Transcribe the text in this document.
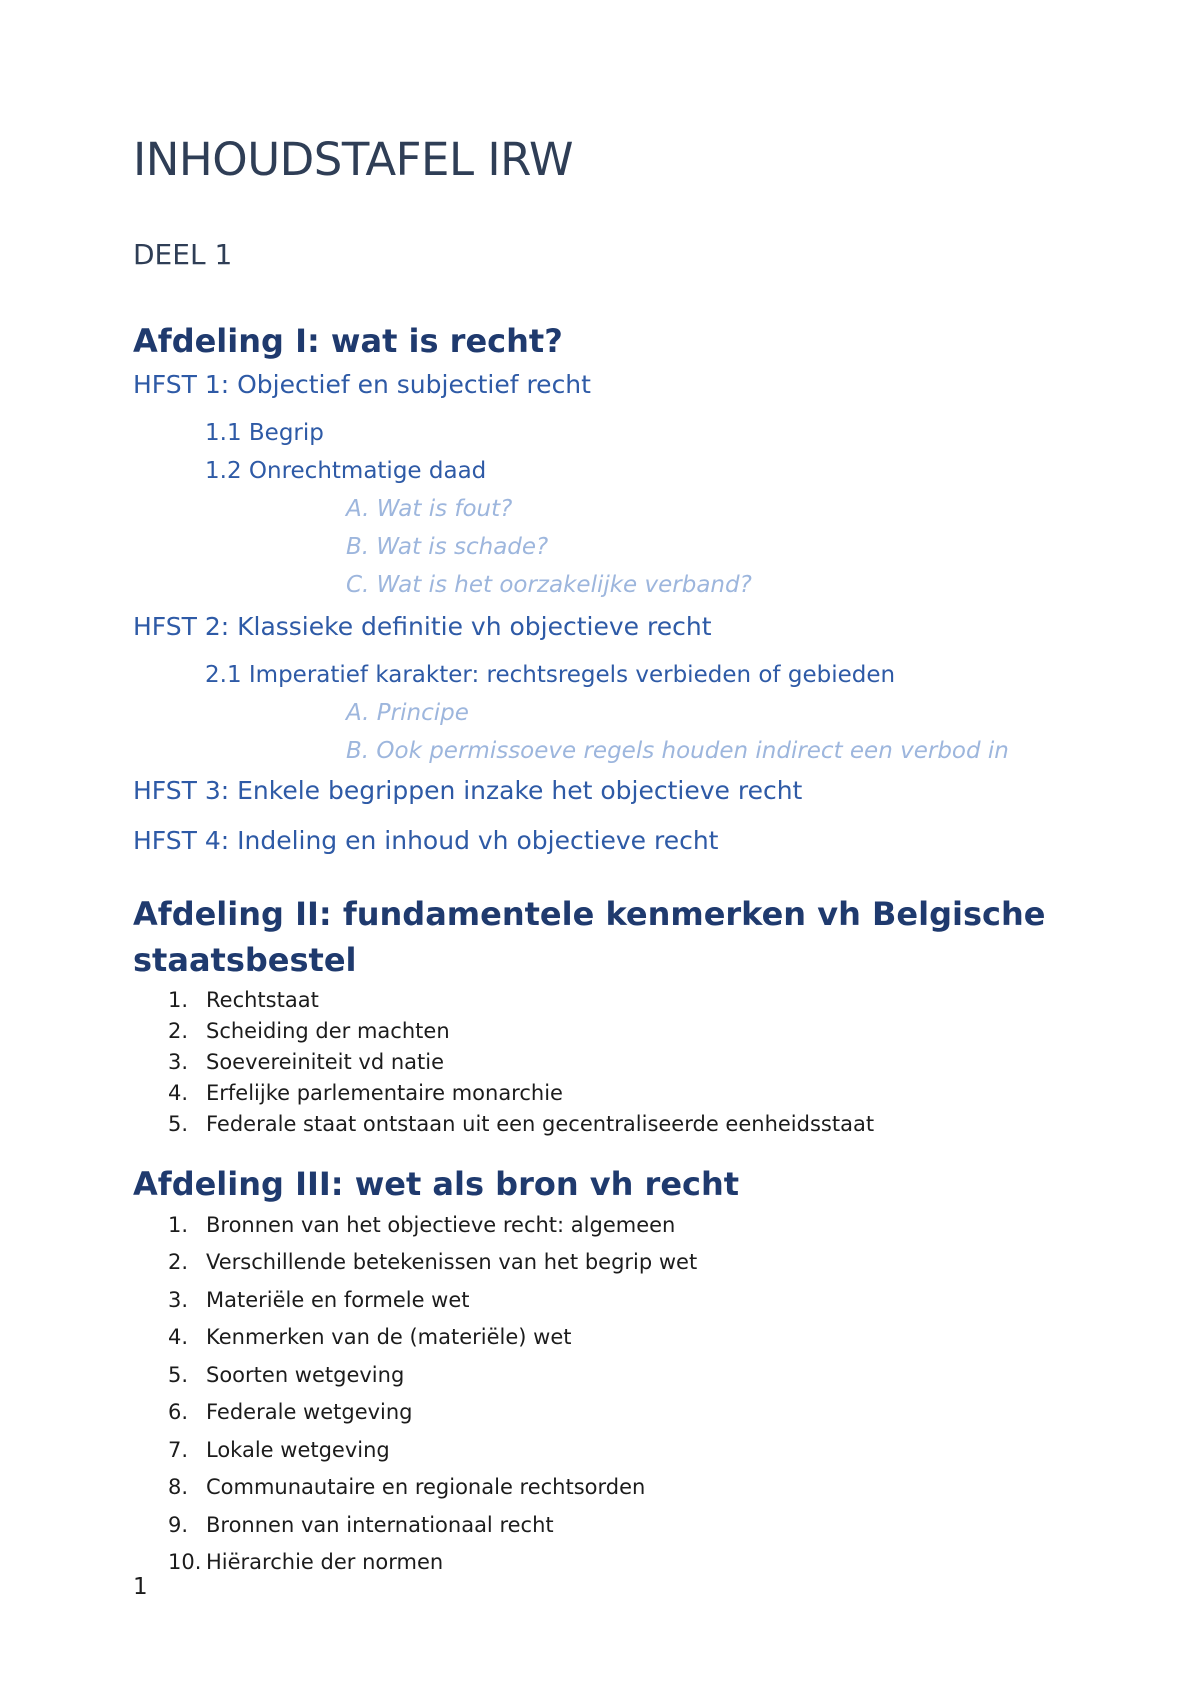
INHOUDSTAFEL IRW
DEEL 1
Afdeling I: wat is recht?
HFST 1: Objectief en subjectief recht
1.1 Begrip
1.2 Onrechtmatige daad
A. Wat is fout?
B. Wat is schade?
C. Wat is het oorzakelijke verband?
HFST 2: Klassieke definitie vh objectieve recht
2.1 Imperatief karakter: rechtsregels verbieden of gebieden
A. Principe
B. Ook permissoeve regels houden indirect een verbod in
HFST 3: Enkele begrippen inzake het objectieve recht
HFST 4: Indeling en inhoud vh objectieve recht
Afdeling II: fundamentele kenmerken vh Belgische
staatsbestel
1. Rechtstaat
2. Scheiding der machten
3. Soevereiniteit vd natie
4. Erfelijke parlementaire monarchie
5. Federale staat ontstaan uit een gecentraliseerde eenheidsstaat
Afdeling III: wet als bron vh recht
1. Bronnen van het objectieve recht: algemeen
2. Verschillende betekenissen van het begrip wet
3. Materiële en formele wet
4. Kenmerken van de (materiële) wet
5. Soorten wetgeving
6. Federale wetgeving
7. Lokale wetgeving
8. Communautaire en regionale rechtsorden
9. Bronnen van internationaal recht
10. Hiërarchie der normen
1
